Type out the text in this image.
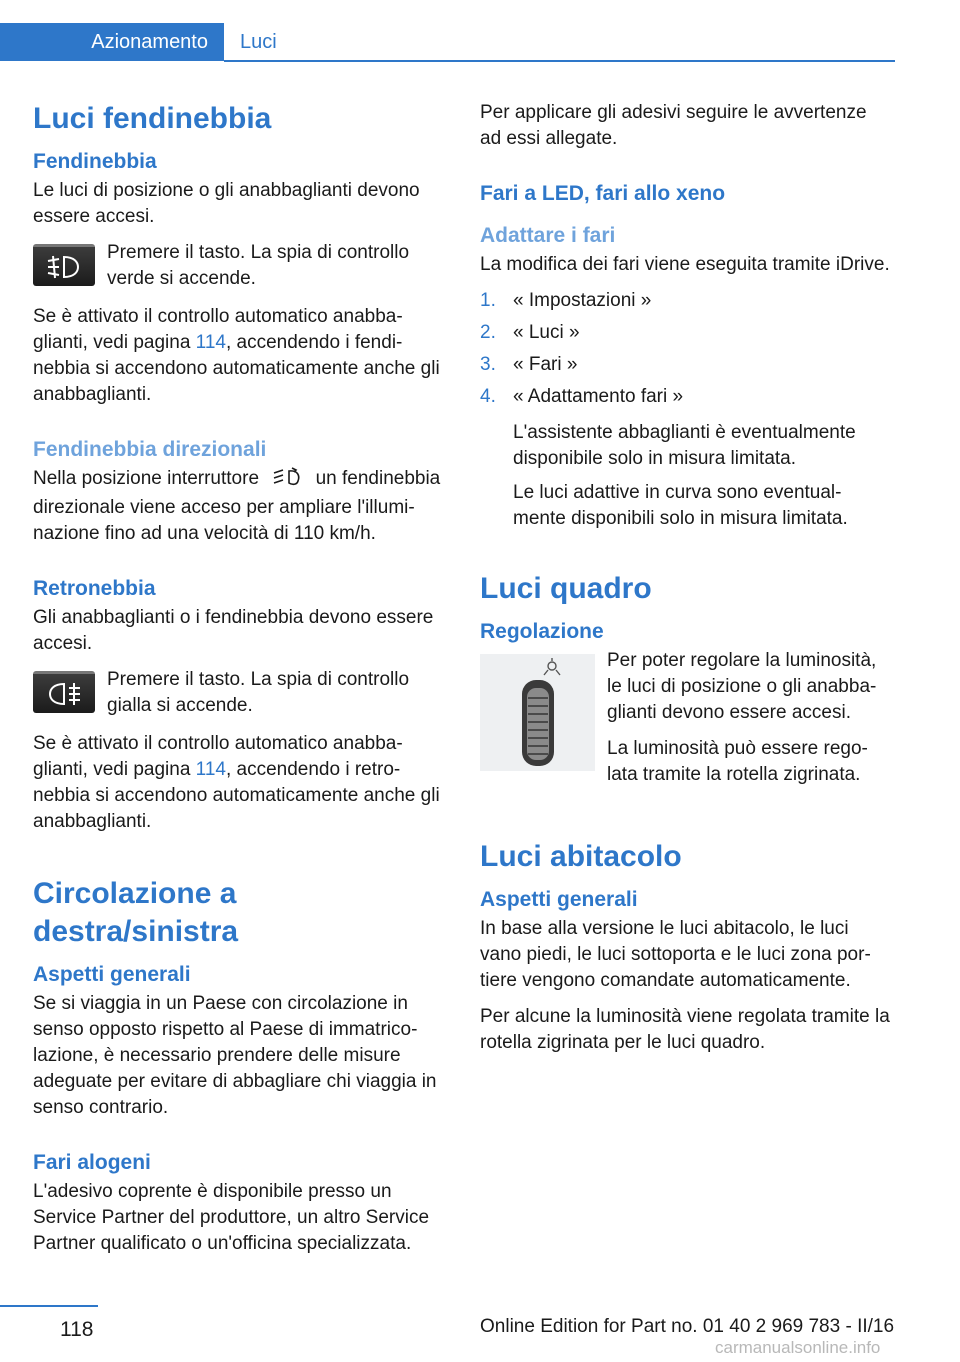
Azionamento	Luci
Luci fendinebbia
Fendinebbia

Le luci di posizione o gli anabbaglianti devono essere accesi.

Premere il tasto. La spia di controllo verde si accende.

Se è attivato il controllo automatico anabba‐glianti, vedi pagina 114, accendendo i fendi‐nebbia si accendono automaticamente anche gli anabbaglianti.

Fendinebbia direzionali

Nella posizione interruttore  un fendinebbia direzionale viene acceso per ampliare l'illumi‐nazione fino ad una velocità di 110 km/h.

Retronebbia

Gli anabbaglianti o i fendinebbia devono essere accesi.

Premere il tasto. La spia di controllo gialla si accende.

Se è attivato il controllo automatico anabba‐glianti, vedi pagina 114, accendendo i retro‐nebbia si accendono automaticamente anche gli anabbaglianti.

Circolazione a destra/sinistra
Aspetti generali

Se si viaggia in un Paese con circolazione in senso opposto rispetto al Paese di immatrico‐lazione, è necessario prendere delle misure adeguate per evitare di abbagliare chi viaggia in senso contrario.

Fari alogeni

L'adesivo coprente è disponibile presso un Service Partner del produttore, un altro Service Partner qualificato o un'officina specializzata.

Per applicare gli adesivi seguire le avvertenze ad essi allegate.

Fari a LED, fari allo xeno
Adattare i fari

La modifica dei fari viene eseguita tramite iDrive.

1. « Impostazioni »
2. « Luci »
3. « Fari »
4. « Adattamento fari »

L'assistente abbaglianti è eventualmente disponibile solo in misura limitata.

Le luci adattive in curva sono eventual‐mente disponibili solo in misura limitata.

Luci quadro
Regolazione

Per poter regolare la luminosità, le luci di posizione o gli anabba‐glianti devono essere accesi.

La luminosità può essere rego‐lata tramite la rotella zigrinata.

Luci abitacolo
Aspetti generali

In base alla versione le luci abitacolo, le luci vano piedi, le luci sottoporta e le luci zona por‐tiere vengono comandate automaticamente.

Per alcune la luminosità viene regolata tramite la rotella zigrinata per le luci quadro.

118	Online Edition for Part no. 01 40 2 969 783 - II/16
carmanualsonline.info
